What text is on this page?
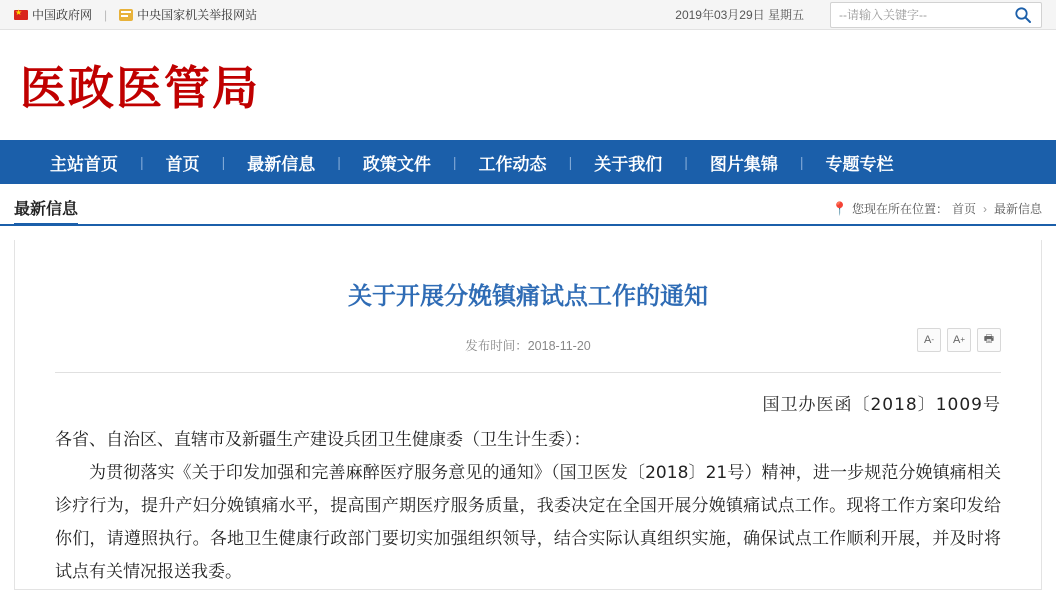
★
中国政府网 |	中央国家机关举报网站	2019年03月29日 星期五
--请输入关键字--
医政医管局
主站首页	|	首页	|	最新信息	|	政策文件	|	工作动态	|	关于我们	|	图片集锦	|	专题专栏
最新信息	📍 您现在所在位置： 首页 › 最新信息
关于开展分娩镇痛试点工作的通知
发布时间：2018-11-20	A - A + 🖶

国卫办医函〔2018〕1009号

各省、自治区、直辖市及新疆生产建设兵团卫生健康委（卫生计生委）：

为贯彻落实《关于印发加强和完善麻醉医疗服务意见的通知》（国卫医发〔2018〕21号）精神，进一步规范分娩镇痛相关诊疗行为，提升产妇分娩镇痛水平，提高围产期医疗服务质量，我委决定在全国开展分娩镇痛试点工作。现将工作方案印发给你们，请遵照执行。各地卫生健康行政部门要切实加强组织领导，结合实际认真组织实施，确保试点工作顺利开展，并及时将试点有关情况报送我委。
